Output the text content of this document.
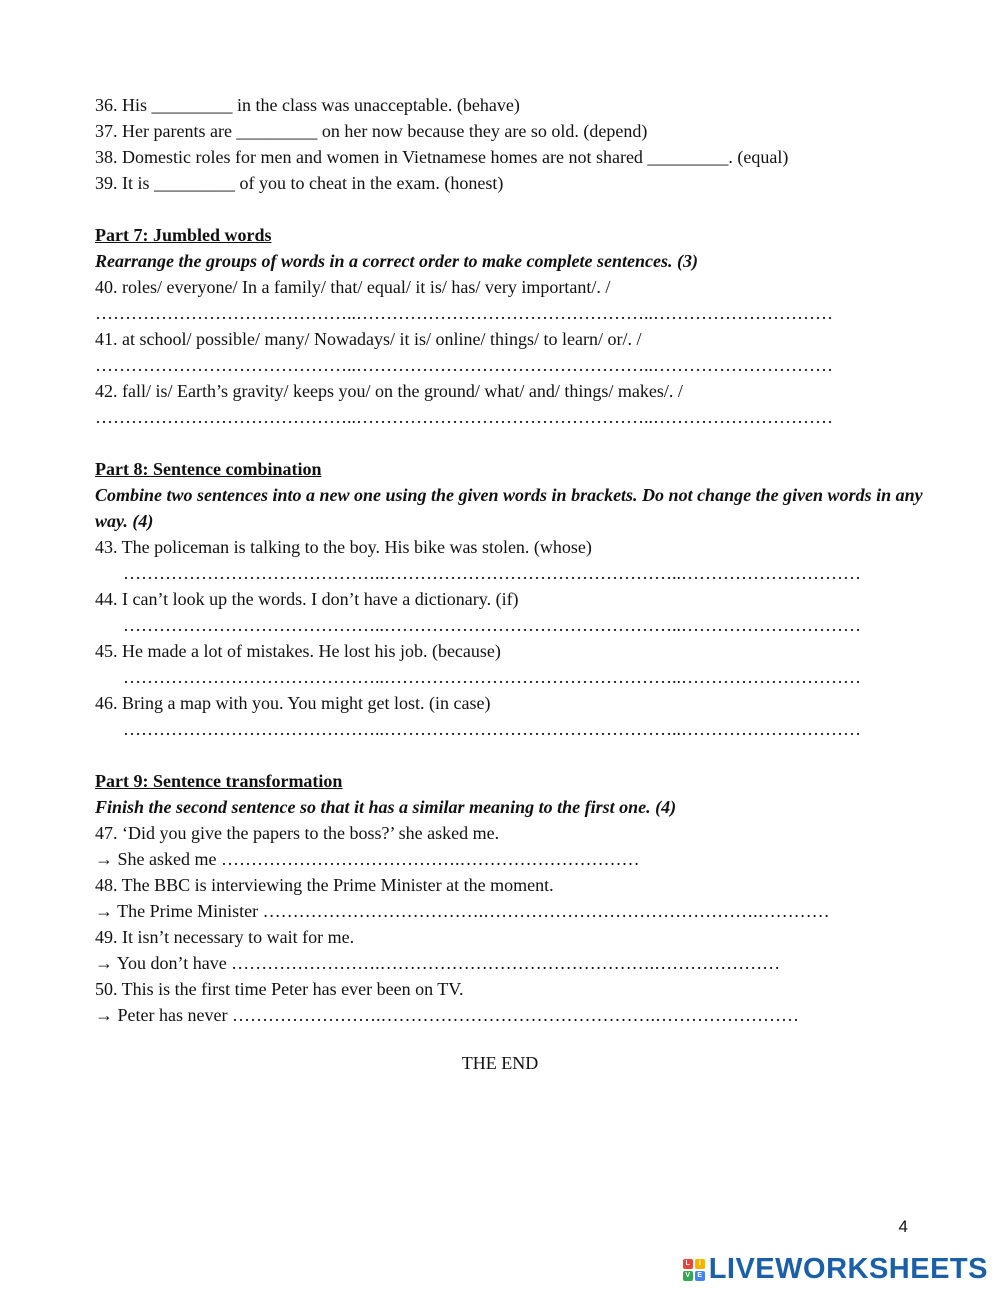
36. His _________ in the class was unacceptable. (behave)
37. Her parents are _________ on her now because they are so old. (depend)
38. Domestic roles for men and women in Vietnamese homes are not shared _________. (equal)
39. It is _________ of you to cheat in the exam. (honest)
Part 7: Jumbled words
Rearrange the groups of words in a correct order to make complete sentences. (3)
40. roles/ everyone/ In a family/ that/ equal/ it is/ has/ very important/. /
……………………………………..…………………………………………..…………………………
41. at school/ possible/ many/ Nowadays/ it is/ online/ things/ to learn/ or/. /
……………………………………..…………………………………………..…………………………
42. fall/ is/ Earth’s gravity/ keeps you/ on the ground/ what/ and/ things/ makes/. /
……………………………………..…………………………………………..…………………………
Part 8: Sentence combination
Combine two sentences into a new one using the given words in brackets. Do not change the given words in any way. (4)
43. The policeman is talking to the boy. His bike was stolen. (whose)
……………………………………..…………………………………………..…………………………
44. I can’t look up the words. I don’t have a dictionary. (if)
……………………………………..…………………………………………..…………………………
45. He made a lot of mistakes. He lost his job. (because)
……………………………………..…………………………………………..…………………………
46. Bring a map with you. You might get lost. (in case)
……………………………………..…………………………………………..…………………………
Part 9: Sentence transformation
Finish the second sentence so that it has a similar meaning to the first one. (4)
47. ‘Did you give the papers to the boss?’ she asked me.
→ She asked me ………………………………….…………………………
48. The BBC is interviewing the Prime Minister at the moment.
→ The Prime Minister ……………………………….……………………………………….…………
49. It isn’t necessary to wait for me.
→ You don’t have …………………….……………………………………….…………………
50. This is the first time Peter has ever been on TV.
→ Peter has never …………………….……………………………………….……………………
THE END
4
L	I
V	E LIVEWORKSHEETS
